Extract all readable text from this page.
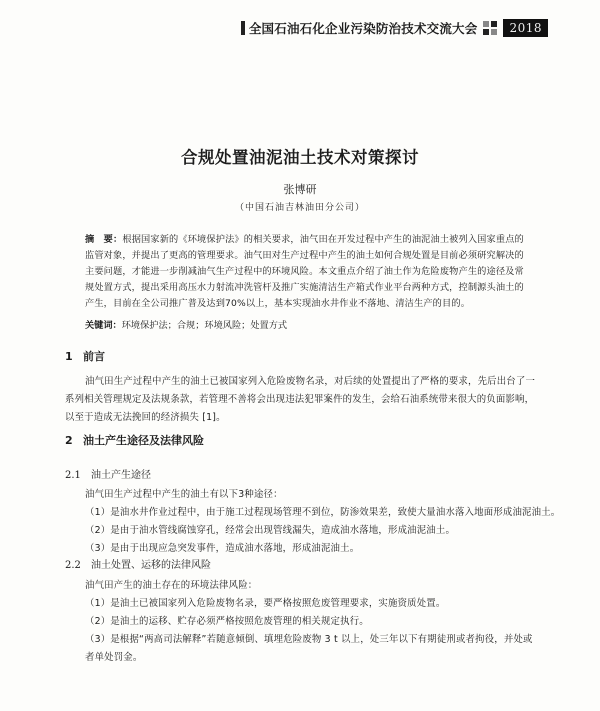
全国石油石化企业污染防治技术交流大会	2018
合规处置油泥油土技术对策探讨
张博研
（中国石油吉林油田分公司）
摘　要：根据国家新的《环境保护法》的相关要求，油气田在开发过程中产生的油泥油土被列入国家重点的监管对象，并提出了更高的管理要求。油气田对生产过程中产生的油土如何合规处置是目前必须研究解决的主要问题，才能进一步削减油气生产过程中的环境风险。本文重点介绍了油土作为危险废物产生的途径及常规处置方式，提出采用高压水力射流冲洗管杆及推广实施清洁生产箱式作业平台两种方式，控制源头油土的产生，目前在全公司推广普及达到70%以上，基本实现油水井作业不落地、清洁生产的目的。
关键词：环境保护法；合规；环境风险；处置方式
1 前言
油气田生产过程中产生的油土已被国家列入危险废物名录，对后续的处置提出了严格的要求，先后出台了一系列相关管理规定及法规条款，若管理不善将会出现违法犯罪案件的发生，会给石油系统带来很大的负面影响，以至于造成无法挽回的经济损失 [1]。
2 油土产生途径及法律风险
2.1 油土产生途径
油气田生产过程中产生的油土有以下3种途径：
（1）是油水井作业过程中，由于施工过程现场管理不到位，防渗效果差，致使大量油水落入地面形成油泥油土。
（2）是由于油水管线腐蚀穿孔，经常会出现管线漏失，造成油水落地，形成油泥油土。
（3）是由于出现应急突发事件，造成油水落地，形成油泥油土。
2.2 油土处置、运移的法律风险
油气田产生的油土存在的环境法律风险：
（1）是油土已被国家列入危险废物名录，要严格按照危废管理要求，实施资质处置。
（2）是油土的运移、贮存必须严格按照危废管理的相关规定执行。
（3）是根据“两高司法解释”若随意倾倒、填埋危险废物 3 t 以上，处三年以下有期徒刑或者拘役，并处或者单处罚金。
